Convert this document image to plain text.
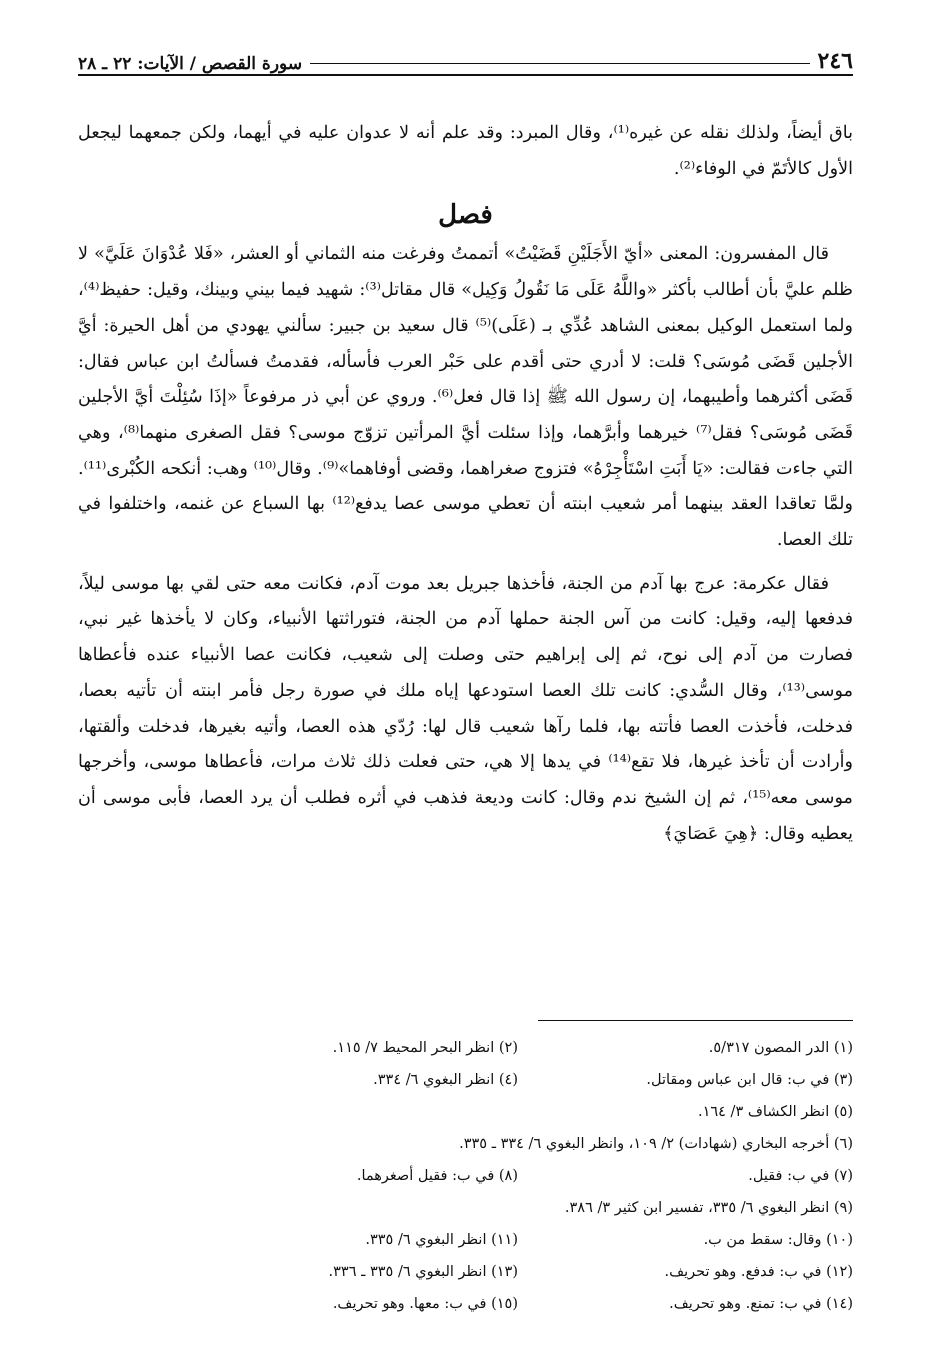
٢٤٦
سورة القصص / الآيات: ٢٢ ـ ٢٨

باق أيضاً، ولذلك نقله عن غيره⁽¹⁾، وقال المبرد: وقد علم أنه لا عدوان عليه في أيهما، ولكن جمعهما ليجعل الأول كالأتَمّ في الوفاء⁽²⁾.

فصل

قال المفسرون: المعنى «أيّ الأَجَلَيْنِ قَضَيْتُ» أتممتُ وفرغت منه الثماني أو العشر، «فَلا عُدْوَانَ عَلَيَّ» لا ظلم عليَّ بأن أطالب بأكثر «واللَّهُ عَلَى مَا نَقُولُ وَكِيل» قال مقاتل⁽³⁾: شهيد فيما بيني وبينك، وقيل: حفيظ⁽⁴⁾، ولما استعمل الوكيل بمعنى الشاهد عُدِّي بـ (عَلَى)⁽⁵⁾ قال سعيد بن جبير: سألني يهودي من أهل الحيرة: أيَّ الأجلين قَضَى مُوسَى؟ قلت: لا أدري حتى أقدم على حَبْر العرب فأسأله، فقدمتُ فسألتُ ابن عباس فقال: قَضَى أكثرهما وأطيبهما، إن رسول الله ﷺ إذا قال فعل⁽⁶⁾. وروي عن أبي ذر مرفوعاً «إذَا سُئِلْتَ أيَّ الأجلين قَضَى مُوسَى؟ فقل⁽⁷⁾ خيرهما وأبرَّهما، وإذا سئلت أيَّ المرأتين تزوّج موسى؟ فقل الصغرى منهما⁽⁸⁾، وهي التي جاءت فقالت: «يَا أَبَتِ اسْتَأْجِرْهُ» فتزوج صغراهما، وقضى أوفاهما»⁽⁹⁾. وقال⁽¹⁰⁾ وهب: أنكحه الكُبْرى⁽¹¹⁾. ولمَّا تعاقدا العقد بينهما أمر شعيب ابنته أن تعطي موسى عصا يدفع⁽¹²⁾ بها السباع عن غنمه، واختلفوا في تلك العصا.

فقال عكرمة: عرج بها آدم من الجنة، فأخذها جبريل بعد موت آدم، فكانت معه حتى لقي بها موسى ليلاً، فدفعها إليه، وقيل: كانت من آس الجنة حملها آدم من الجنة، فتوراثتها الأنبياء، وكان لا يأخذها غير نبي، فصارت من آدم إلى نوح، ثم إلى إبراهيم حتى وصلت إلى شعيب، فكانت عصا الأنبياء عنده فأعطاها موسى⁽¹³⁾، وقال السُّدي: كانت تلك العصا استودعها إياه ملك في صورة رجل فأمر ابنته أن تأتيه بعصا، فدخلت، فأخذت العصا فأتته بها، فلما رآها شعيب قال لها: رُدّي هذه العصا، وأتيه بغيرها، فدخلت وألقتها، وأرادت أن تأخذ غيرها، فلا تقع⁽¹⁴⁾ في يدها إلا هي، حتى فعلت ذلك ثلاث مرات، فأعطاها موسى، وأخرجها موسى معه⁽¹⁵⁾، ثم إن الشيخ ندم وقال: كانت وديعة فذهب في أثره فطلب أن يرد العصا، فأبى موسى أن يعطيه وقال: ﴿هِيَ عَصَايَ﴾

(١) الدر المصون ٥/٣١٧.
(٢) انظر البحر المحيط ٧/ ١١٥.
(٣) في ب: قال ابن عباس ومقاتل.
(٤) انظر البغوي ٦/ ٣٣٤.
(٥) انظر الكشاف ٣/ ١٦٤.
(٦) أخرجه البخاري (شهادات) ٢/ ١٠٩، وانظر البغوي ٦/ ٣٣٤ ـ ٣٣٥.
(٧) في ب: فقيل.
(٨) في ب: فقيل أصغرهما.
(٩) انظر البغوي ٦/ ٣٣٥، تفسير ابن كثير ٣/ ٣٨٦.
(١٠) وقال: سقط من ب.
(١١) انظر البغوي ٦/ ٣٣٥.
(١٢) في ب: فدفع. وهو تحريف.
(١٣) انظر البغوي ٦/ ٣٣٥ ـ ٣٣٦.
(١٤) في ب: تمنع. وهو تحريف.
(١٥) في ب: معها. وهو تحريف.
